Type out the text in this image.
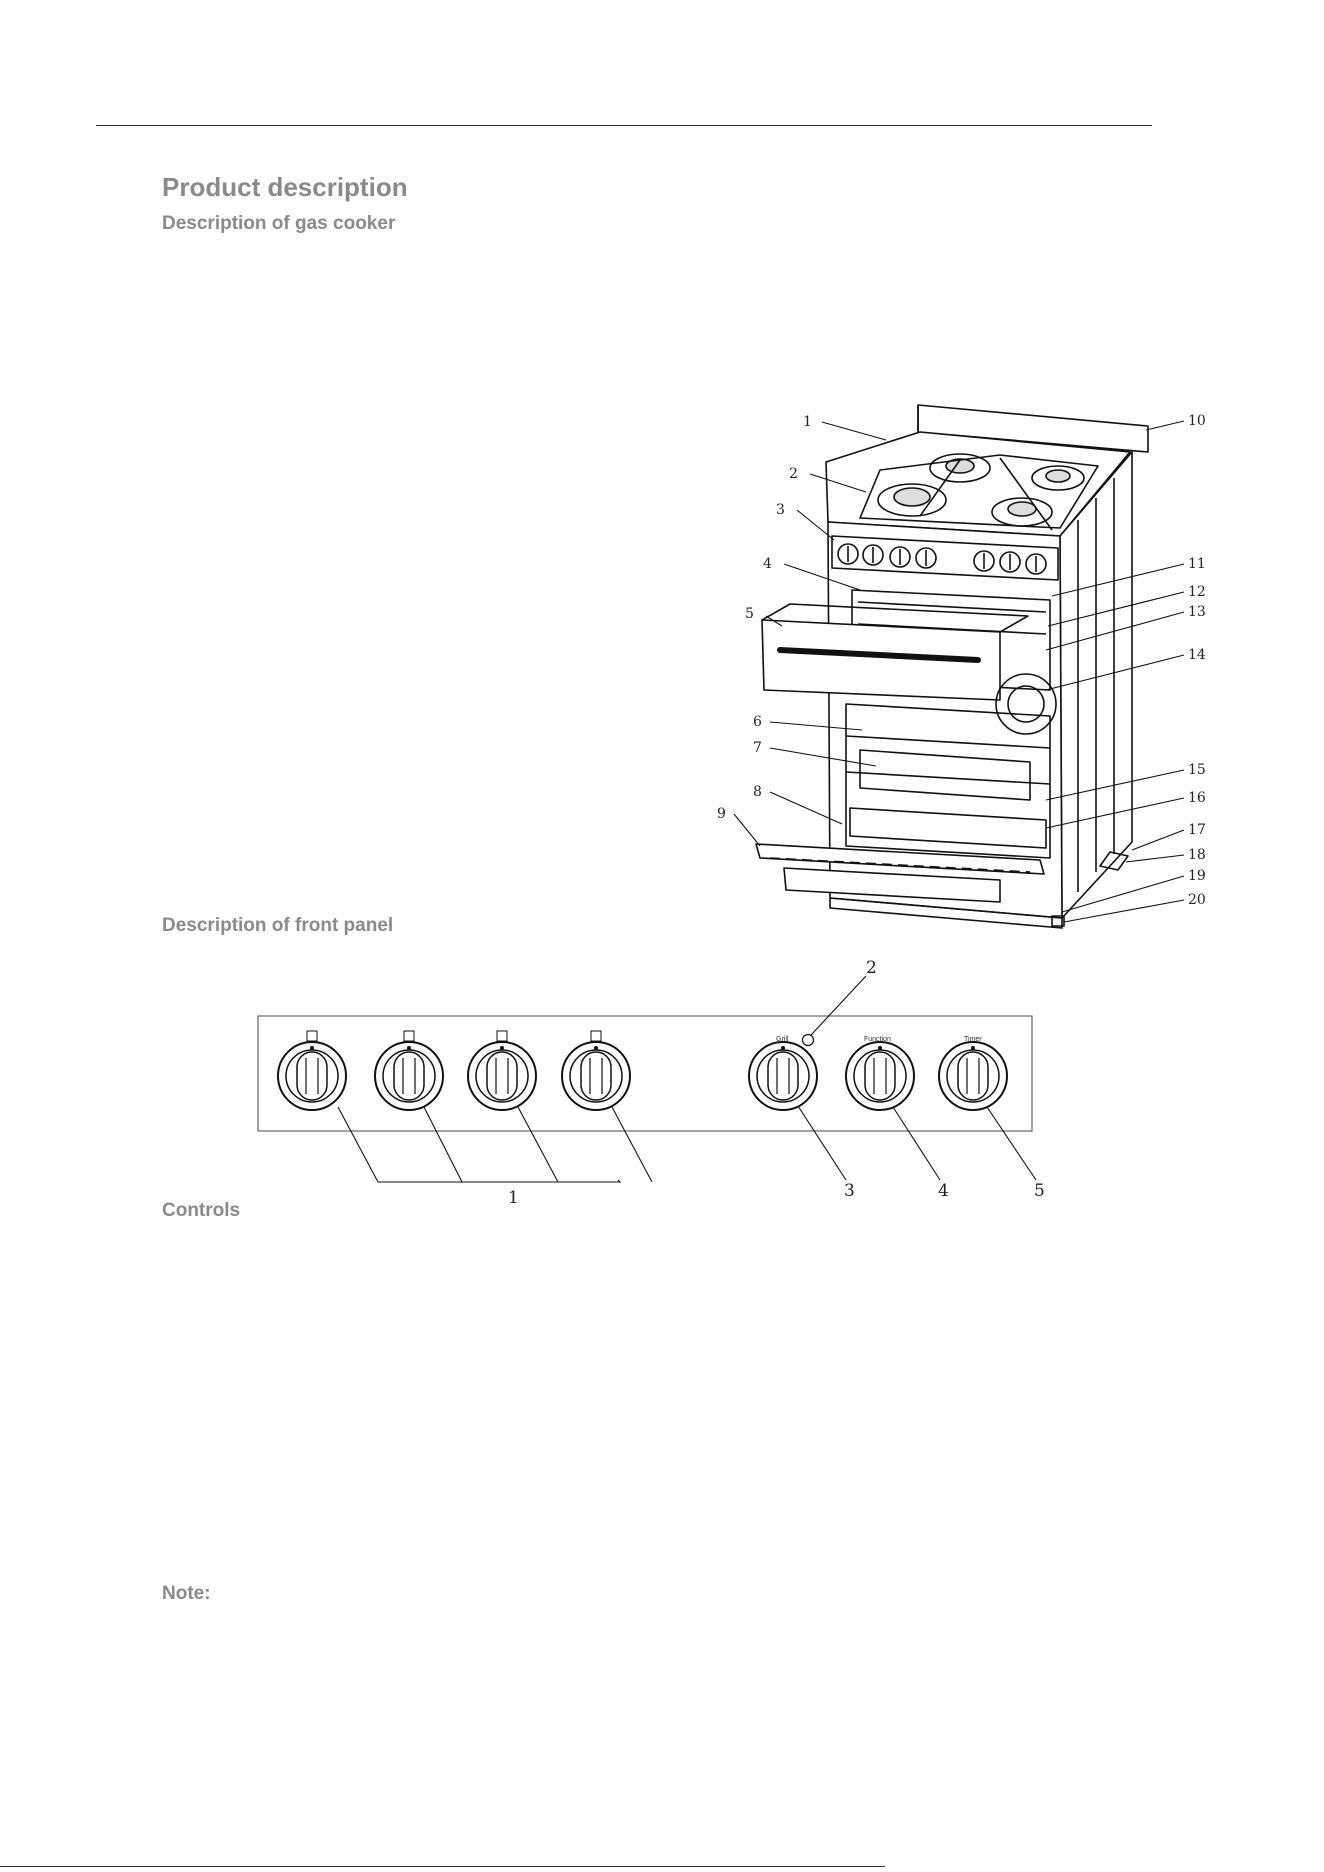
Product description
Description of gas cooker
1
2
3
4
5
6
7
8
9
10
11
12
13
14
15
16
17
18
19
20
Description of front panel
Grill	Function	Timer
1
2
3	4	5
Controls
Note:
